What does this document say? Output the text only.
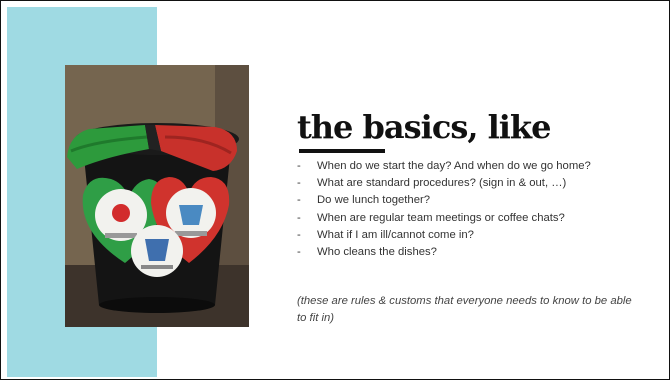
the basics, like
- When do we start the day? And when do we go home?
- What are standard procedures? (sign in & out, …)
- Do we lunch together?
- When are regular team meetings or coffee chats?
- What if I am ill/cannot come in?
- Who cleans the dishes?

(these are rules & customs that everyone needs to know to be able to fit in)
